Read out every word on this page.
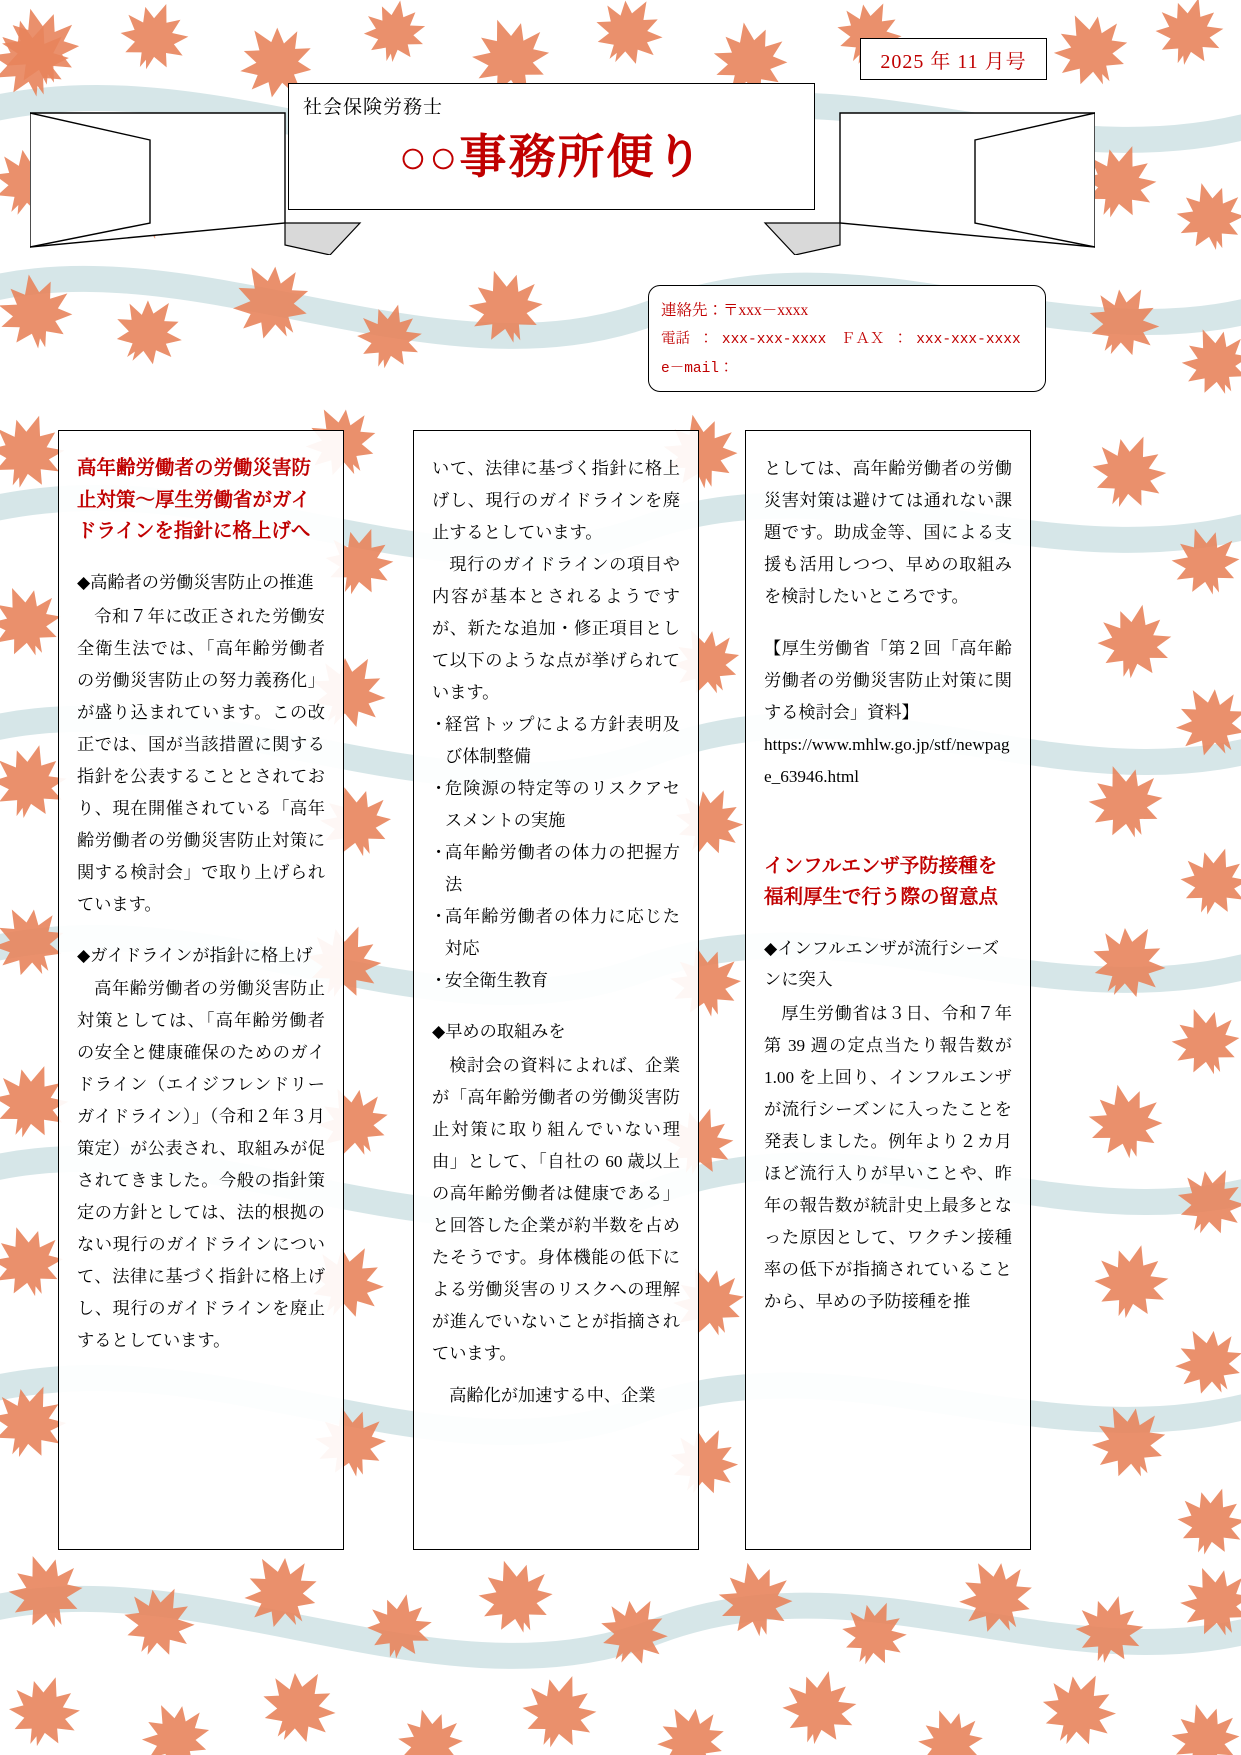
2025 年 11 月号
社会保険労務士
○○事務所便り
連絡先：〒xxx－xxxx
電話 ： xxx-xxx-xxxx　ＦＡＸ ： xxx-xxx-xxxx
e－mail：
高年齢労働者の労働災害防止対策～厚生労働省がガイドラインを指針に格上げへ
◆高齢者の労働災害防止の推進

令和７年に改正された労働安全衛生法では、「高年齢労働者の労働災害防止の努力義務化」が盛り込まれています。この改正では、国が当該措置に関する指針を公表することとされており、現在開催されている「高年齢労働者の労働災害防止対策に関する検討会」で取り上げられています。

◆ガイドラインが指針に格上げ

高年齢労働者の労働災害防止対策としては、「高年齢労働者の安全と健康確保のためのガイドライン（エイジフレンドリーガイドライン）」（令和２年３月策定）が公表され、取組みが促されてきました。今般の指針策定の方針としては、法的根拠のない現行のガイドラインについて、法律に基づく指針に格上げし、現行のガイドラインを廃止するとしています。

いて、法律に基づく指針に格上げし、現行のガイドラインを廃止するとしています。

現行のガイドラインの項目や内容が基本とされるようですが、新たな追加・修正項目として以下のような点が挙げられています。

・ 経営トップによる方針表明及び体制整備
・ 危険源の特定等のリスクアセスメントの実施
・ 高年齢労働者の体力の把握方法
・ 高年齢労働者の体力に応じた対応
・ 安全衛生教育
◆早めの取組みを

検討会の資料によれば、企業が「高年齢労働者の労働災害防止対策に取り組んでいない理由」として、「自社の 60 歳以上の高年齢労働者は健康である」と回答した企業が約半数を占めたそうです。身体機能の低下による労働災害のリスクへの理解が進んでいないことが指摘されています。

高齢化が加速する中、企業

としては、高年齢労働者の労働災害対策は避けては通れない課題です。助成金等、国による支援も活用しつつ、早めの取組みを検討したいところです。

【厚生労働省「第２回「高年齢労働者の労働災害防止対策に関する検討会」資料】
https://www.mhlw.go.jp/stf/newpage_63946.html
インフルエンザ予防接種を福利厚生で行う際の留意点
◆インフルエンザが流行シーズンに突入

厚生労働省は３日、令和７年第 39 週の定点当たり報告数が 1.00 を上回り、インフルエンザが流行シーズンに入ったことを発表しました。例年より２カ月ほど流行入りが早いことや、昨年の報告数が統計史上最多となった原因として、ワクチン接種率の低下が指摘されていることから、早めの予防接種を推
